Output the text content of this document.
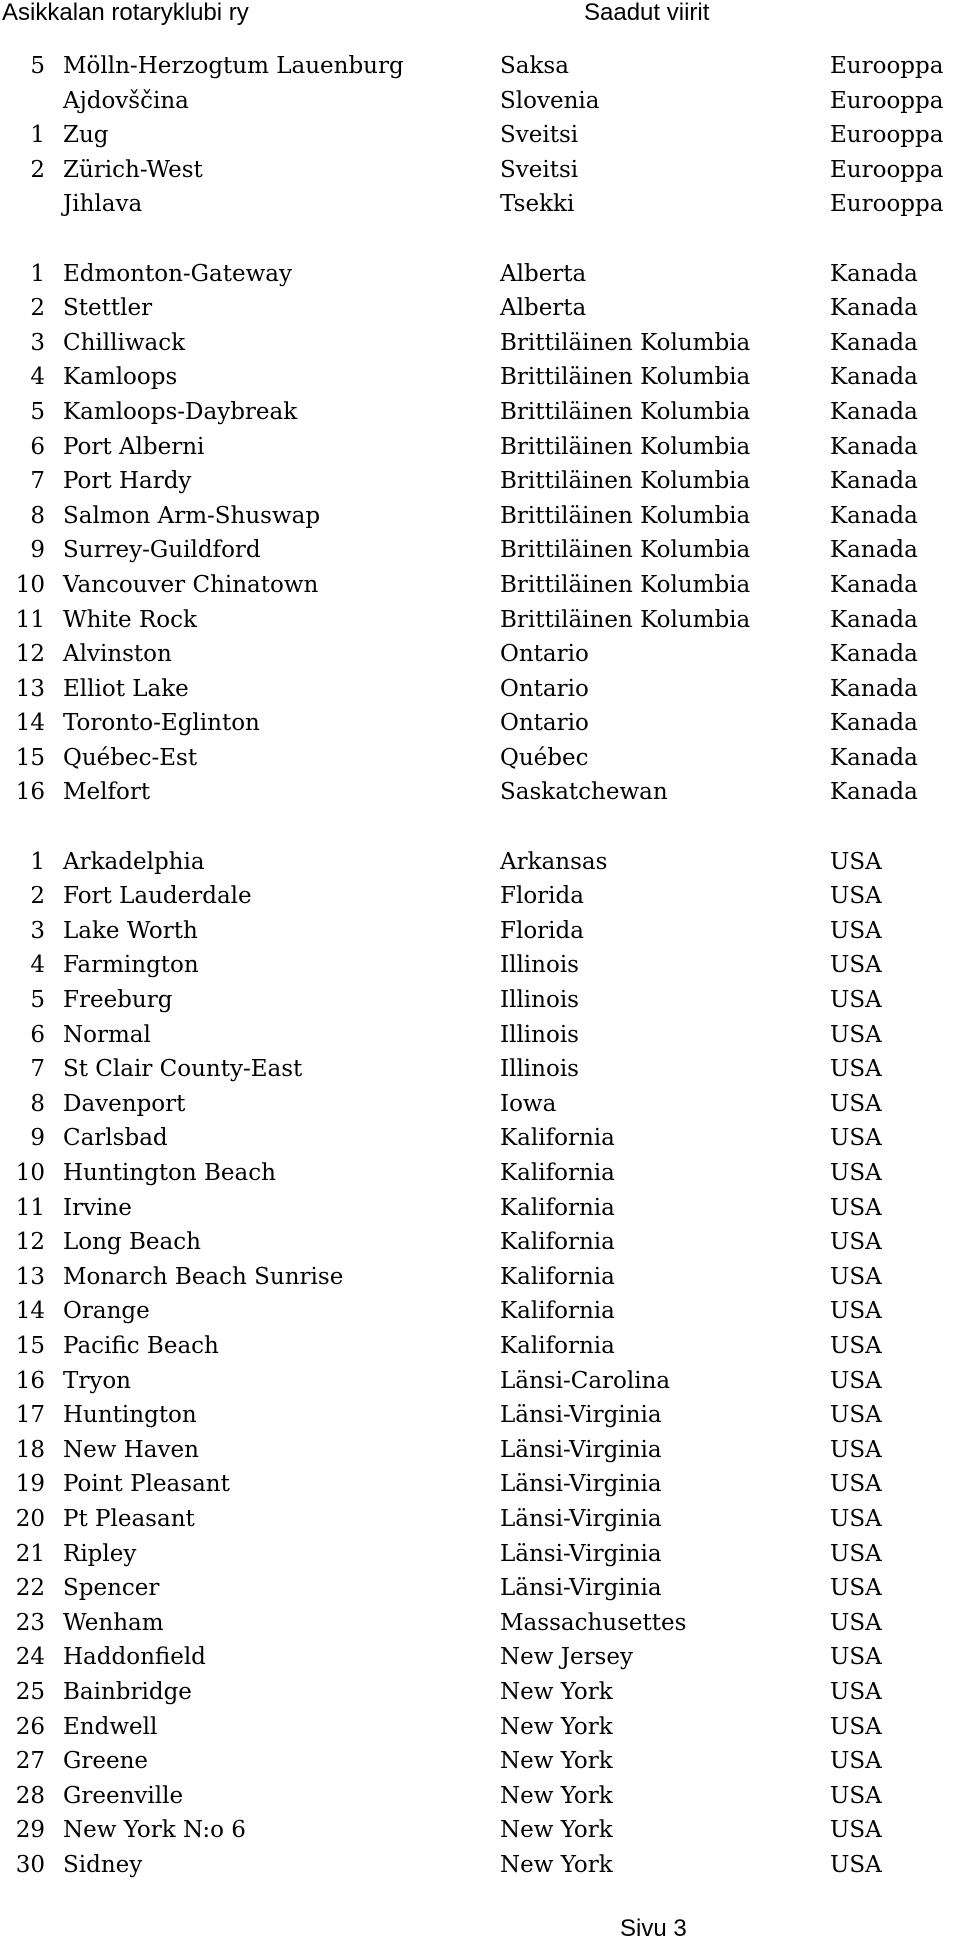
Asikkalan rotaryklubi ry	Saadut viirit
5 Mölln-Herzogtum Lauenburg	Saksa	Eurooppa
Ajdovščina	Slovenia	Eurooppa
1 Zug	Sveitsi	Eurooppa
2 Zürich-West	Sveitsi	Eurooppa
Jihlava	Tsekki	Eurooppa
1 Edmonton-Gateway	Alberta	Kanada
2 Stettler	Alberta	Kanada
3 Chilliwack	Brittiläinen Kolumbia	Kanada
4 Kamloops	Brittiläinen Kolumbia	Kanada
5 Kamloops-Daybreak	Brittiläinen Kolumbia	Kanada
6 Port Alberni	Brittiläinen Kolumbia	Kanada
7 Port Hardy	Brittiläinen Kolumbia	Kanada
8 Salmon Arm-Shuswap	Brittiläinen Kolumbia	Kanada
9 Surrey-Guildford	Brittiläinen Kolumbia	Kanada
10 Vancouver Chinatown	Brittiläinen Kolumbia	Kanada
11 White Rock	Brittiläinen Kolumbia	Kanada
12 Alvinston	Ontario	Kanada
13 Elliot Lake	Ontario	Kanada
14 Toronto-Eglinton	Ontario	Kanada
15 Québec-Est	Québec	Kanada
16 Melfort	Saskatchewan	Kanada
1 Arkadelphia	Arkansas	USA
2 Fort Lauderdale	Florida	USA
3 Lake Worth	Florida	USA
4 Farmington	Illinois	USA
5 Freeburg	Illinois	USA
6 Normal	Illinois	USA
7 St Clair County-East	Illinois	USA
8 Davenport	Iowa	USA
9 Carlsbad	Kalifornia	USA
10 Huntington Beach	Kalifornia	USA
11 Irvine	Kalifornia	USA
12 Long Beach	Kalifornia	USA
13 Monarch Beach Sunrise	Kalifornia	USA
14 Orange	Kalifornia	USA
15 Pacific Beach	Kalifornia	USA
16 Tryon	Länsi-Carolina	USA
17 Huntington	Länsi-Virginia	USA
18 New Haven	Länsi-Virginia	USA
19 Point Pleasant	Länsi-Virginia	USA
20 Pt Pleasant	Länsi-Virginia	USA
21 Ripley	Länsi-Virginia	USA
22 Spencer	Länsi-Virginia	USA
23 Wenham	Massachusettes	USA
24 Haddonfield	New Jersey	USA
25 Bainbridge	New York	USA
26 Endwell	New York	USA
27 Greene	New York	USA
28 Greenville	New York	USA
29 New York N:o 6	New York	USA
30 Sidney	New York	USA
Sivu 3
